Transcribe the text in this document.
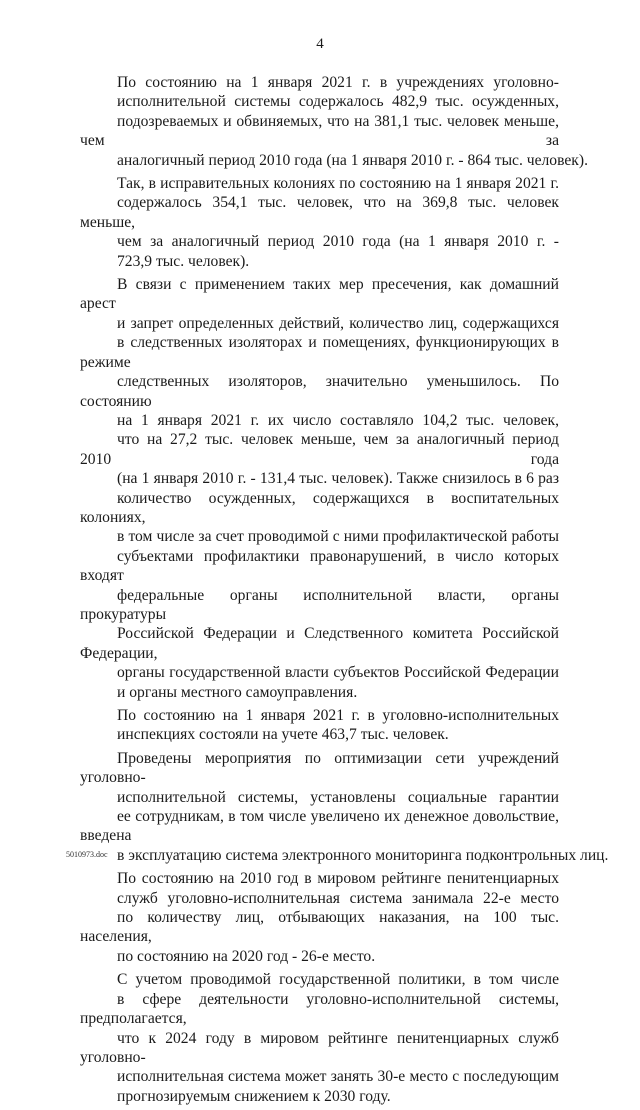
4

По состоянию на 1 января 2021 г. в учреждениях уголовно-
исполнительной системы содержалось 482,9 тыс. осужденных,
подозреваемых и обвиняемых, что на 381,1 тыс. человек меньше, чем за
аналогичный период 2010 года (на 1 января 2010 г. - 864 тыс. человек).

Так, в исправительных колониях по состоянию на 1 января 2021 г.
содержалось 354,1 тыс. человек, что на 369,8 тыс. человек меньше,
чем за аналогичный период 2010 года (на 1 января 2010 г. -
723,9 тыс. человек).

В связи с применением таких мер пресечения, как домашний арест
и запрет определенных действий, количество лиц, содержащихся
в следственных изоляторах и помещениях, функционирующих в режиме
следственных изоляторов, значительно уменьшилось. По состоянию
на 1 января 2021 г. их число составляло 104,2 тыс. человек,
что на 27,2 тыс. человек меньше, чем за аналогичный период 2010 года
(на 1 января 2010 г. - 131,4 тыс. человек). Также снизилось в 6 раз
количество осужденных, содержащихся в воспитательных колониях,
в том числе за счет проводимой с ними профилактической работы
субъектами профилактики правонарушений, в число которых входят
федеральные органы исполнительной власти, органы прокуратуры
Российской Федерации и Следственного комитета Российской Федерации,
органы государственной власти субъектов Российской Федерации
и органы местного самоуправления.

По состоянию на 1 января 2021 г. в уголовно-исполнительных
инспекциях состояли на учете 463,7 тыс. человек.

Проведены мероприятия по оптимизации сети учреждений уголовно-
исполнительной системы, установлены социальные гарантии
ее сотрудникам, в том числе увеличено их денежное довольствие, введена
в эксплуатацию система электронного мониторинга подконтрольных лиц.

По состоянию на 2010 год в мировом рейтинге пенитенциарных
служб уголовно-исполнительная система занимала 22-е место
по количеству лиц, отбывающих наказания, на 100 тыс. населения,
по состоянию на 2020 год - 26-е место.

С учетом проводимой государственной политики, в том числе
в сфере деятельности уголовно-исполнительной системы, предполагается,
что к 2024 году в мировом рейтинге пенитенциарных служб уголовно-
исполнительная система может занять 30-е место с последующим
прогнозируемым снижением к 2030 году.

5010973.doc
